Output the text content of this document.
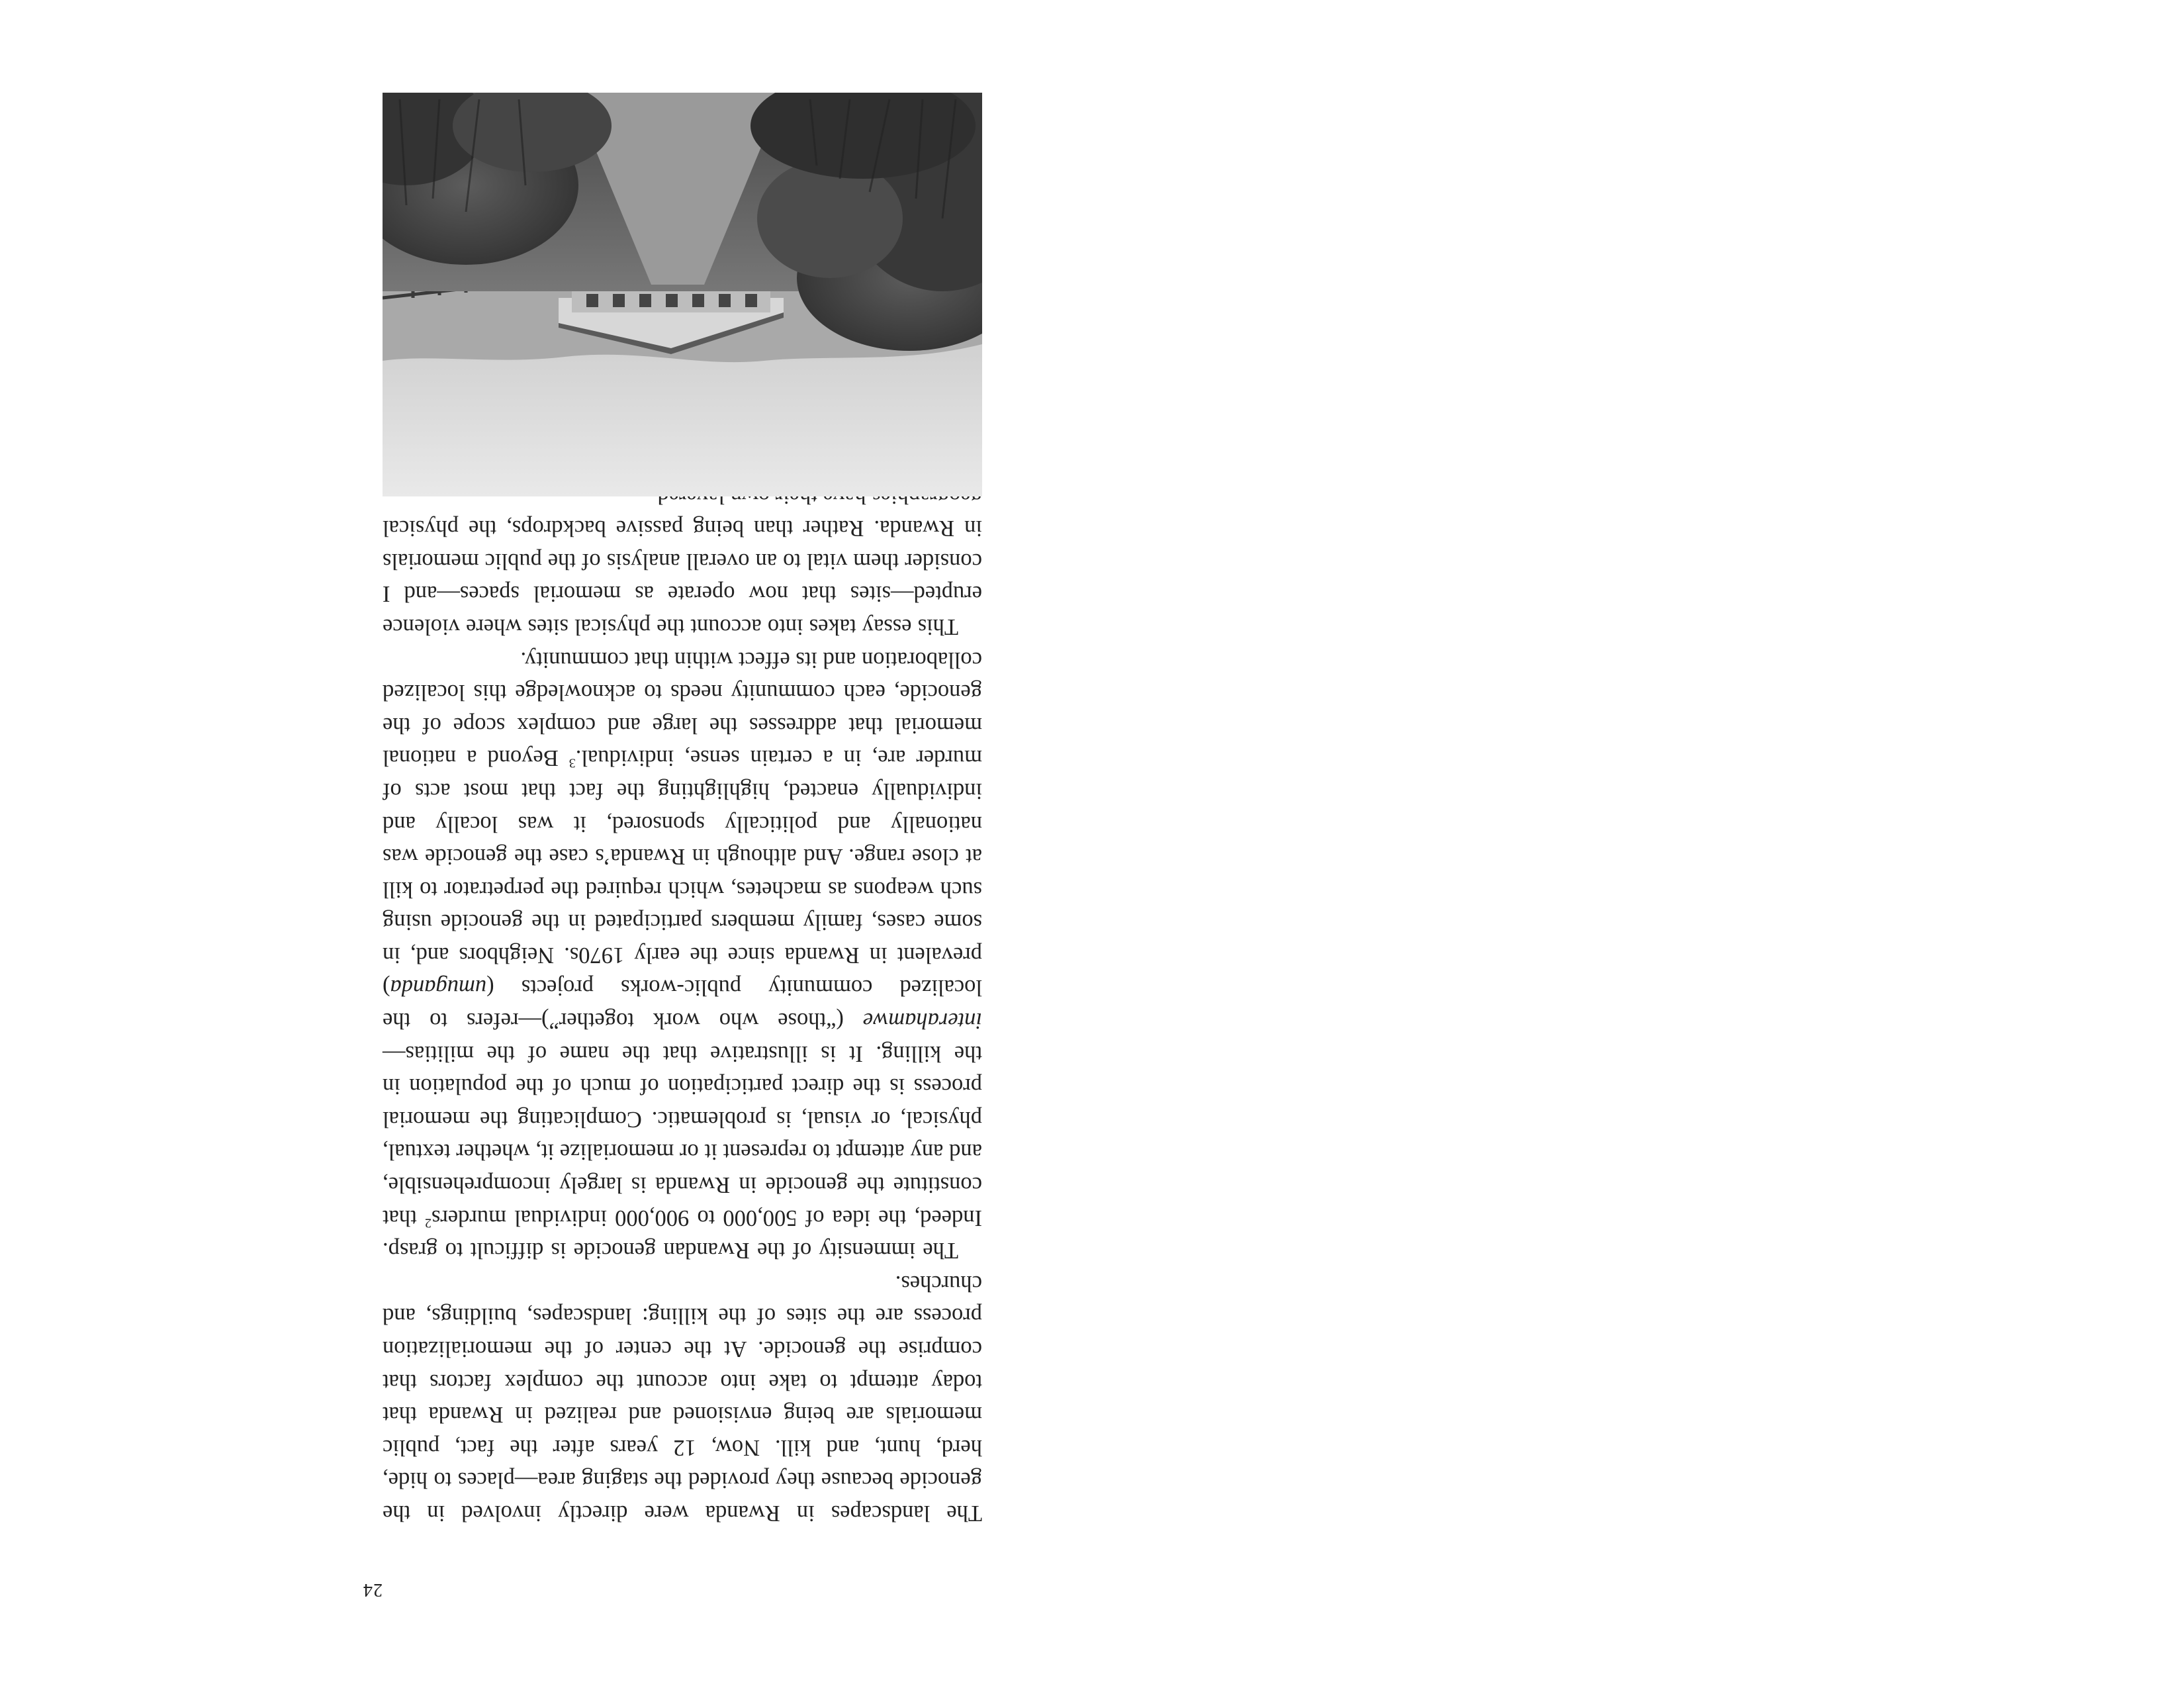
24

The landscapes in Rwanda were directly involved in the genocide because they provided the staging area—places to hide, herd, hunt, and kill. Now, 12 years after the fact, public memorials are being envisioned and realized in Rwanda that today attempt to take into account the complex factors that comprise the genocide. At the center of the memorialization process are the sites of the killing: landscapes, buildings, and churches.

The immensity of the Rwandan genocide is difficult to grasp. Indeed, the idea of 500,000 to 900,000 individual murders$^2$ that constitute the genocide in Rwanda is largely incomprehensible, and any attempt to represent it or memorialize it, whether textual, physical, or visual, is problematic. Complicating the memorial process is the direct participation of much of the population in the killing. It is illustrative that the name of the militias—interahamwe (“those who work together”)—refers to the localized community public-works projects (umuganda) prevalent in Rwanda since the early 1970s. Neighbors and, in some cases, family members participated in the genocide using such weapons as machetes, which required the perpetrator to kill at close range. And although in Rwanda’s case the genocide was nationally and politically sponsored, it was locally and individually enacted, highlighting the fact that most acts of murder are, in a certain sense, individual.$^3$ Beyond a national memorial that addresses the large and complex scope of the genocide, each community needs to acknowledge this localized collaboration and its effect within that community.

This essay takes into account the physical sites where violence erupted—sites that now operate as memorial spaces—and I consider them vital to an overall analysis of the public memorials in Rwanda. Rather than being passive backdrops, the physical
